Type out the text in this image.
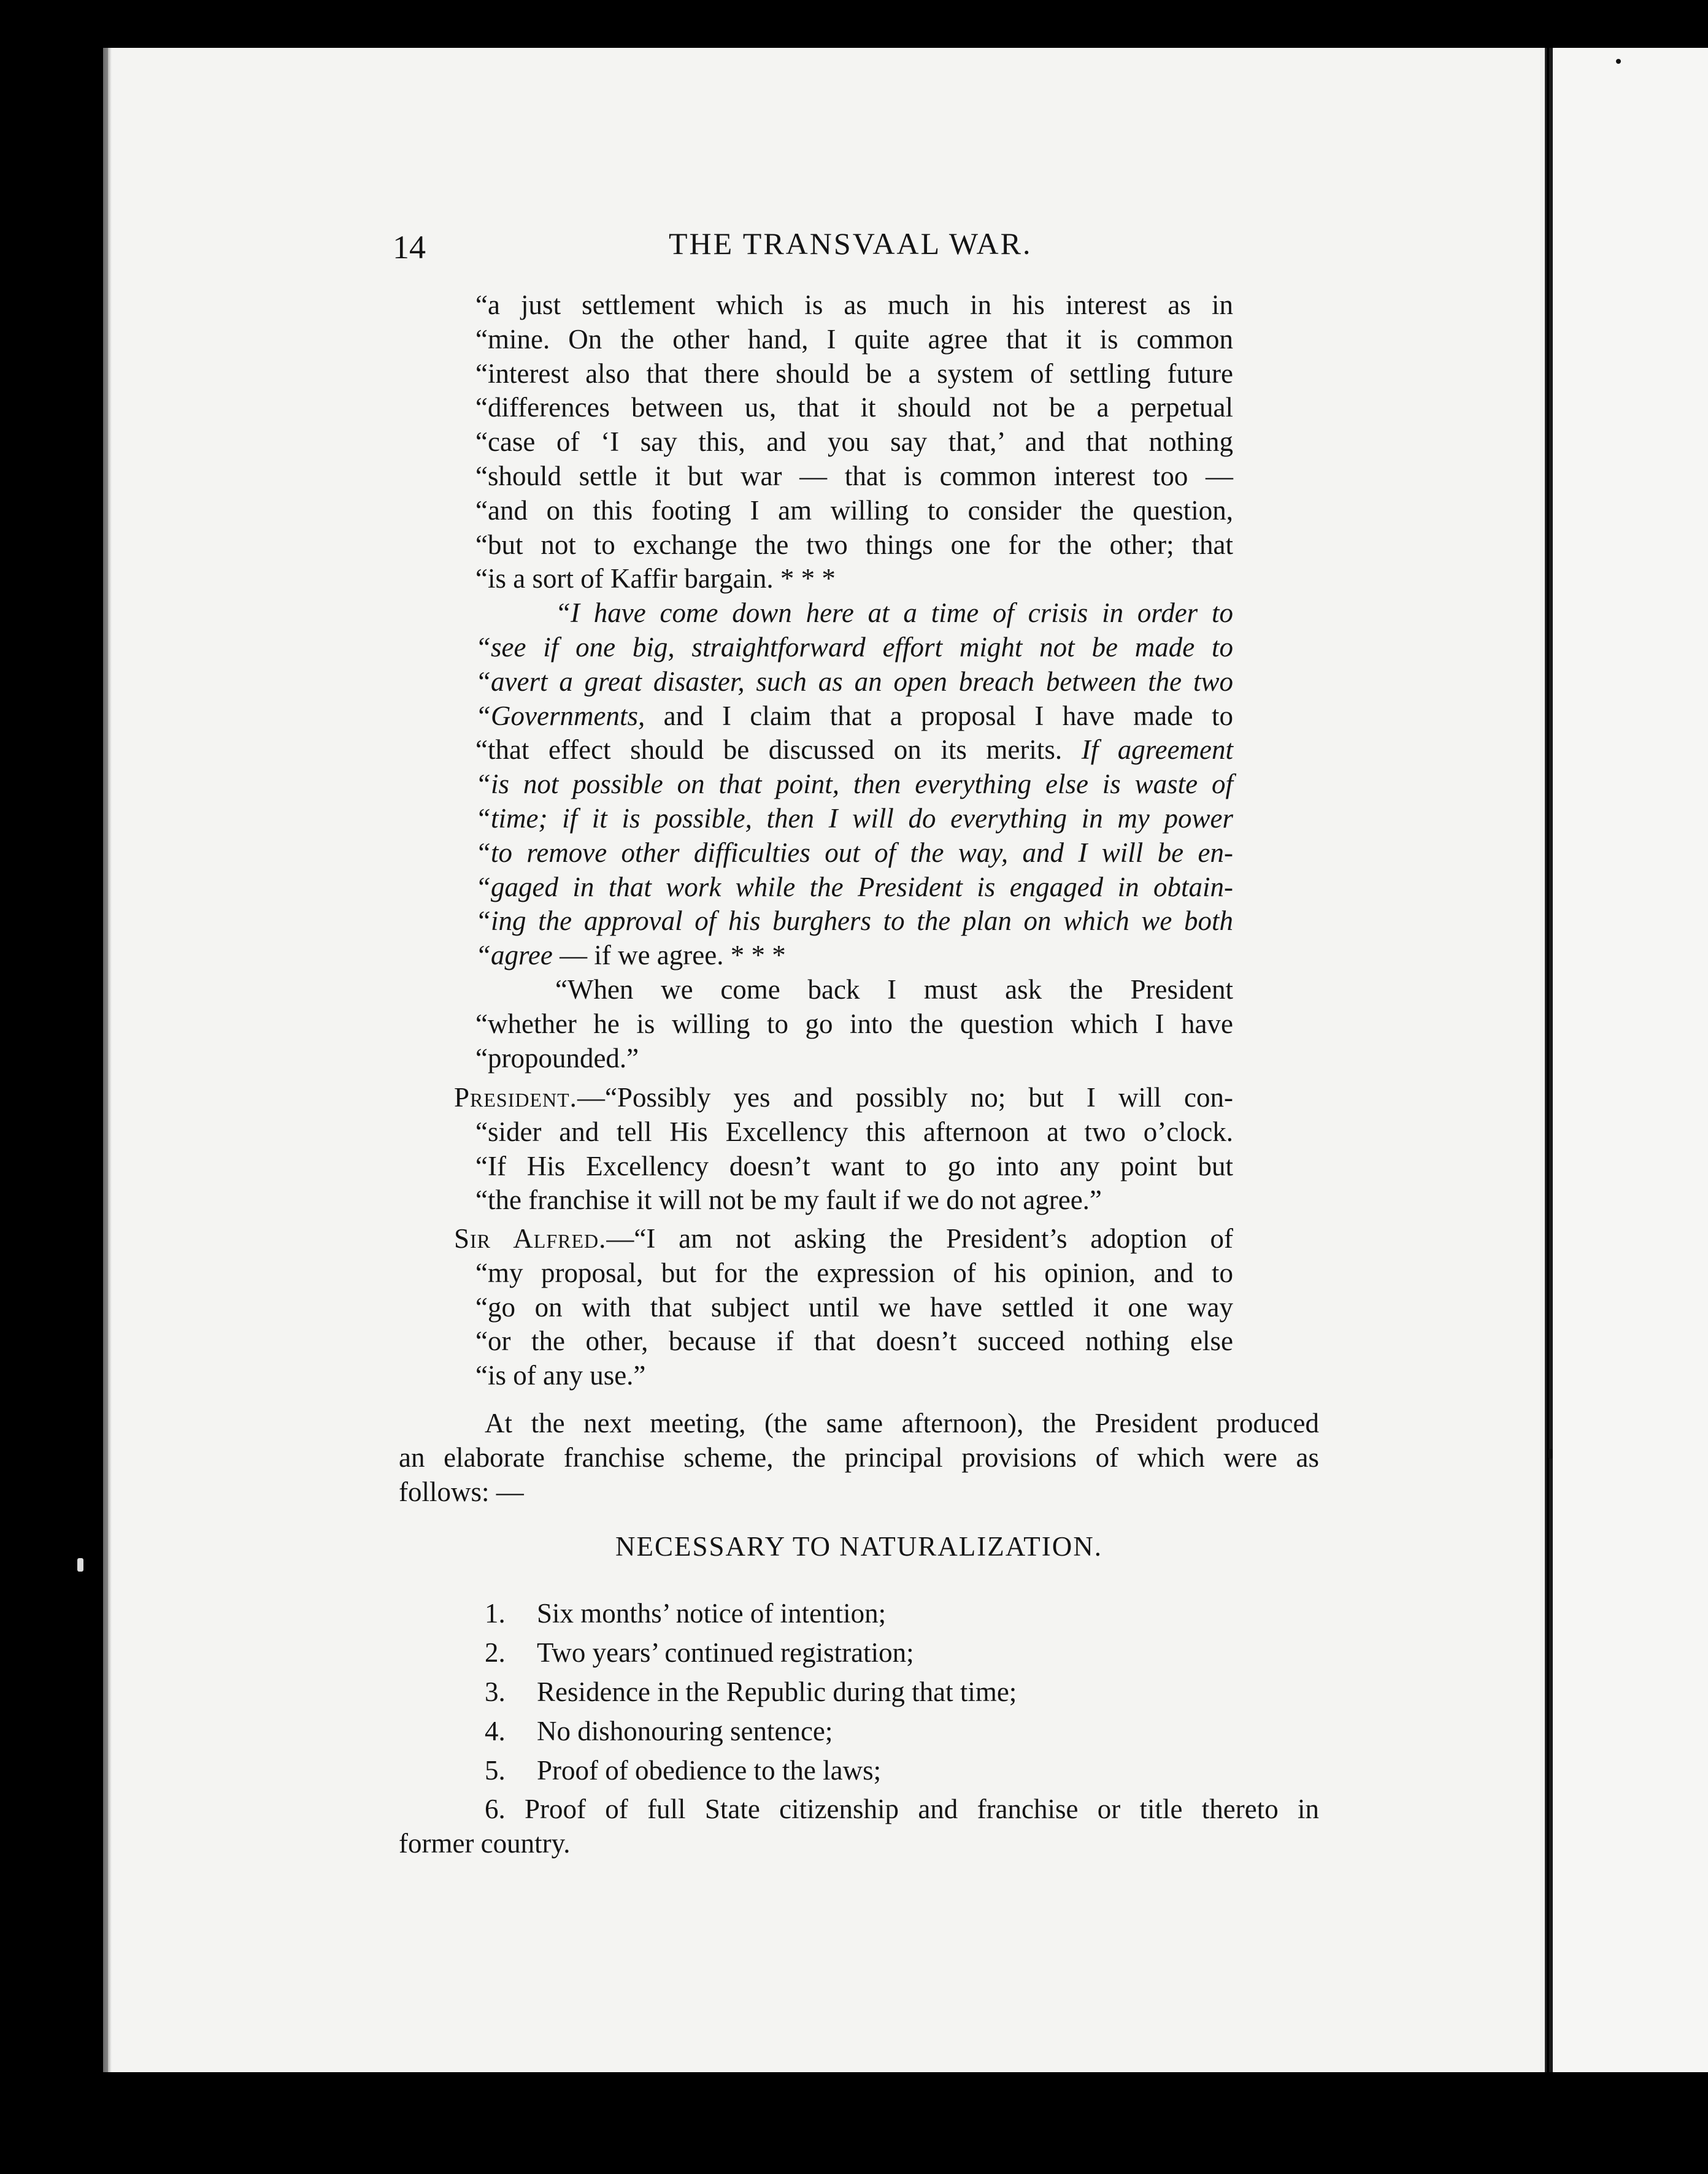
14	THE TRANSVAAL WAR.
“a just settlement which is as much in his interest as in
“mine. On the other hand, I quite agree that it is common
“interest also that there should be a system of settling future
“differences between us, that it should not be a perpetual
“case of ‘I say this, and you say that,’ and that nothing
“should settle it but war — that is common interest too —
“and on this footing I am willing to consider the question,
“but not to exchange the two things one for the other; that
“is a sort of Kaffir bargain. * * *
“I have come down here at a time of crisis in order to
“see if one big, straightforward effort might not be made to
“avert a great disaster, such as an open breach between the two
“Governments, and I claim that a proposal I have made to
“that effect should be discussed on its merits. If agreement
“is not possible on that point, then everything else is waste of
“time; if it is possible, then I will do everything in my power
“to remove other difficulties out of the way, and I will be en-
“gaged in that work while the President is engaged in obtain-
“ing the approval of his burghers to the plan on which we both
“agree — if we agree. * * *
“When we come back I must ask the President
“whether he is willing to go into the question which I have
“propounded.”
President.—“Possibly yes and possibly no; but I will con-
“sider and tell His Excellency this afternoon at two o’clock.
“If His Excellency doesn’t want to go into any point but
“the franchise it will not be my fault if we do not agree.”
Sir Alfred.—“I am not asking the President’s adoption of
“my proposal, but for the expression of his opinion, and to
“go on with that subject until we have settled it one way
“or the other, because if that doesn’t succeed nothing else
“is of any use.”
At the next meeting, (the same afternoon), the President produced
an elaborate franchise scheme, the principal provisions of which were as
follows: —
NECESSARY TO NATURALIZATION.
1. Six months’ notice of intention;
2. Two years’ continued registration;
3. Residence in the Republic during that time;
4. No dishonouring sentence;
5. Proof of obedience to the laws;
6. Proof of full State citizenship and franchise or title thereto in
former country.
